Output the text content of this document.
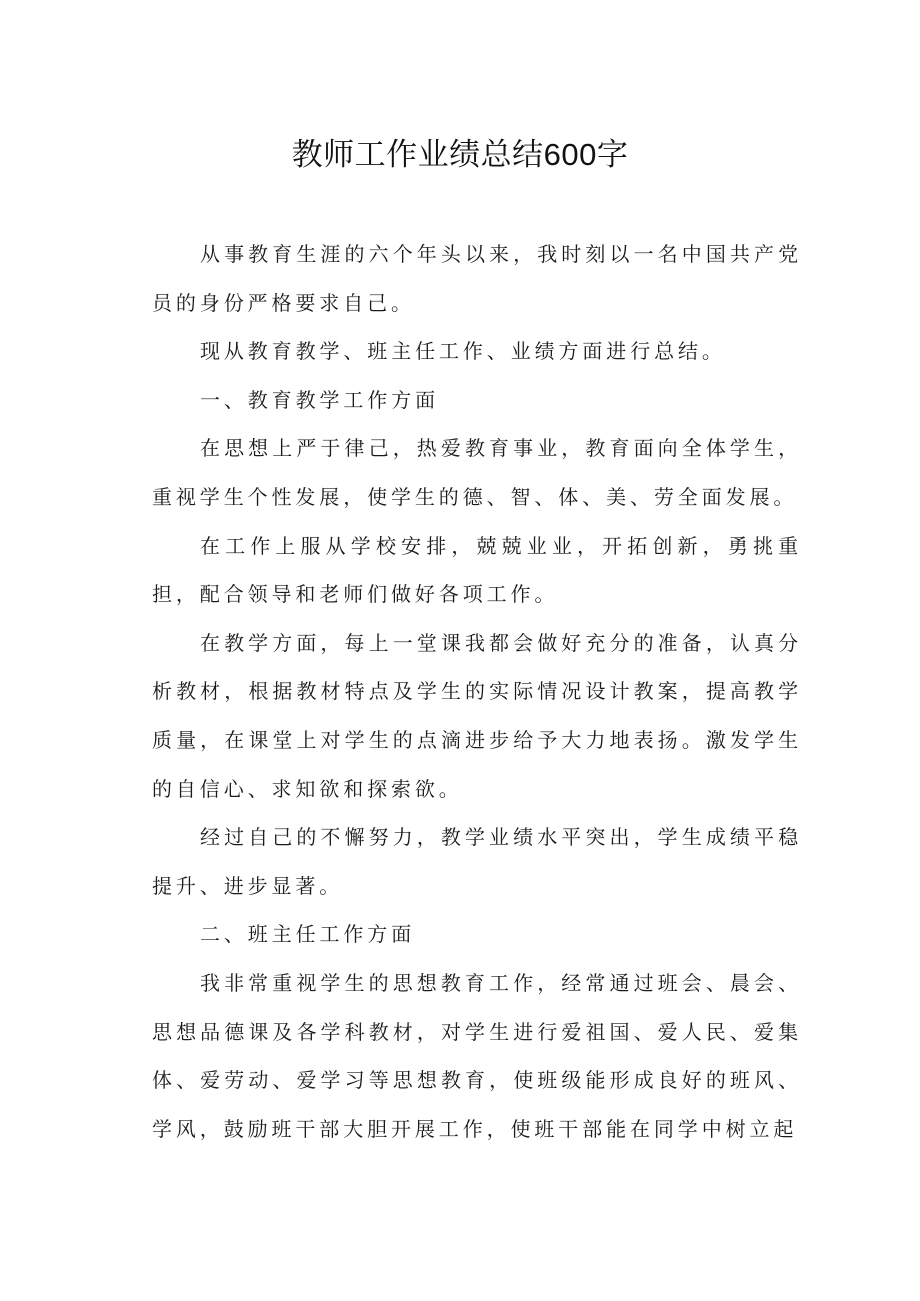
教师工作业绩总结600字

从事教育生涯的六个年头以来，我时刻以一名中国共产党员的身份严格要求自己。

现从教育教学、班主任工作、业绩方面进行总结。

一、教育教学工作方面

在思想上严于律己，热爱教育事业，教育面向全体学生，重视学生个性发展，使学生的德、智、体、美、劳全面发展。

在工作上服从学校安排，兢兢业业，开拓创新，勇挑重担，配合领导和老师们做好各项工作。

在教学方面，每上一堂课我都会做好充分的准备，认真分析教材，根据教材特点及学生的实际情况设计教案，提高教学质量，在课堂上对学生的点滴进步给予大力地表扬。激发学生的自信心、求知欲和探索欲。

经过自己的不懈努力，教学业绩水平突出，学生成绩平稳提升、进步显著。

二、班主任工作方面

我非常重视学生的思想教育工作，经常通过班会、晨会、思想品德课及各学科教材，对学生进行爱祖国、爱人民、爱集体、爱劳动、爱学习等思想教育，使班级能形成良好的班风、学风，鼓励班干部大胆开展工作，使班干部能在同学中树立起
